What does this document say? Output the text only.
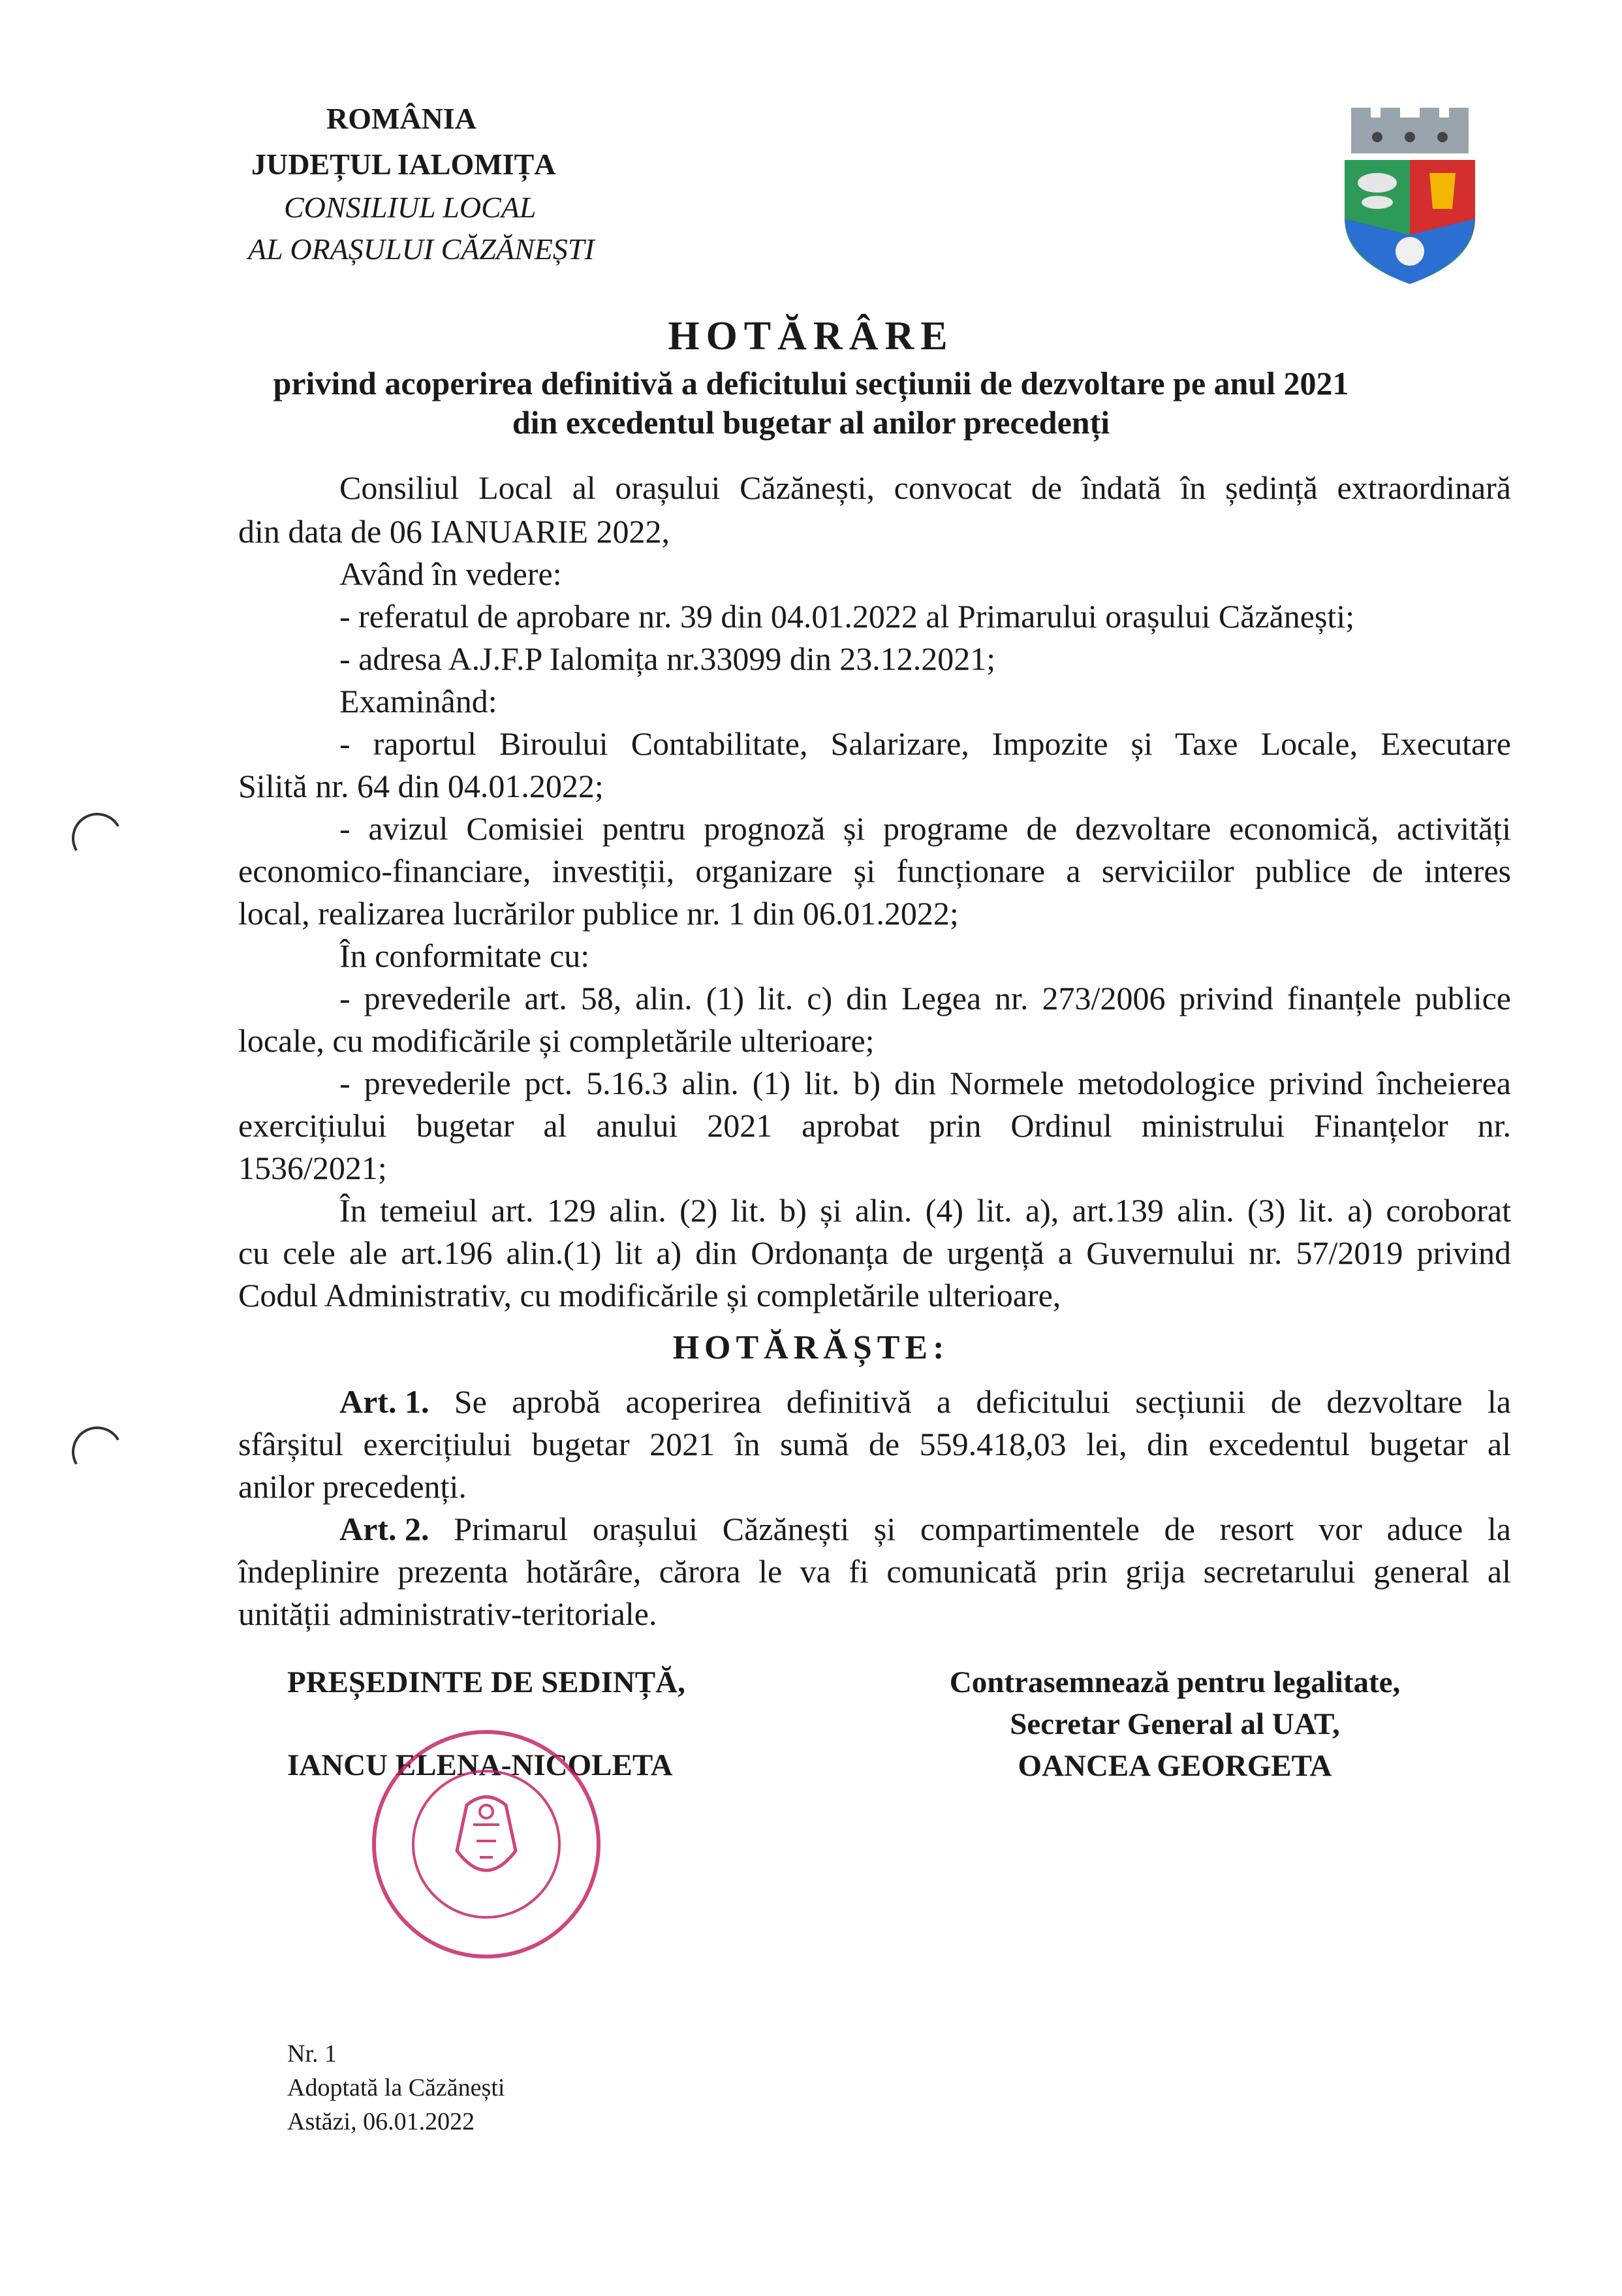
ROMÂNIA
JUDEȚUL IALOMIȚA
CONSILIUL LOCAL
AL ORAȘULUI CĂZĂNEȘTI
HOTĂRÂRE
privind acoperirea definitivă a deficitului secțiunii de dezvoltare pe anul 2021
din excedentul bugetar al anilor precedenți
Consiliul Local al orașului Căzănești, convocat de îndată în ședință extraordinară
din data de 06 IANUARIE 2022,
Având în vedere:
- referatul de aprobare nr. 39 din 04.01.2022 al Primarului orașului Căzănești;
- adresa A.J.F.P Ialomița nr.33099 din 23.12.2021;
Examinând:
- raportul Biroului Contabilitate, Salarizare, Impozite și Taxe Locale, Executare
Silită nr. 64 din 04.01.2022;
- avizul Comisiei pentru prognoză și programe de dezvoltare economică, activități
economico-financiare, investiții, organizare și funcționare a serviciilor publice de interes
local, realizarea lucrărilor publice nr. 1 din 06.01.2022;
În conformitate cu:
- prevederile art. 58, alin. (1) lit. c) din Legea nr. 273/2006 privind finanțele publice
locale, cu modificările și completările ulterioare;
- prevederile pct. 5.16.3 alin. (1) lit. b) din Normele metodologice privind încheierea
exercițiului bugetar al anului 2021 aprobat prin Ordinul ministrului Finanțelor nr.
1536/2021;
În temeiul art. 129 alin. (2) lit. b) și alin. (4) lit. a), art.139 alin. (3) lit. a) coroborat
cu cele ale art.196 alin.(1) lit a) din Ordonanța de urgență a Guvernului nr. 57/2019 privind
Codul Administrativ, cu modificările și completările ulterioare,
HOTĂRĂȘTE:
Art. 1. Se aprobă acoperirea definitivă a deficitului secțiunii de dezvoltare la
sfârșitul exercițiului bugetar 2021 în sumă de 559.418,03 lei, din excedentul bugetar al
anilor precedenți.
Art. 2. Primarul orașului Căzănești și compartimentele de resort vor aduce la
îndeplinire prezenta hotărâre, cărora le va fi comunicată prin grija secretarului general al
unității administrativ-teritoriale.
PREȘEDINTE DE SEDINȚĂ,
IANCU ELENA-NICOLETA
Contrasemnează pentru legalitate,
Secretar General al UAT,
OANCEA GEORGETA
Nr. 1
Adoptată la Căzănești
Astăzi, 06.01.2022
